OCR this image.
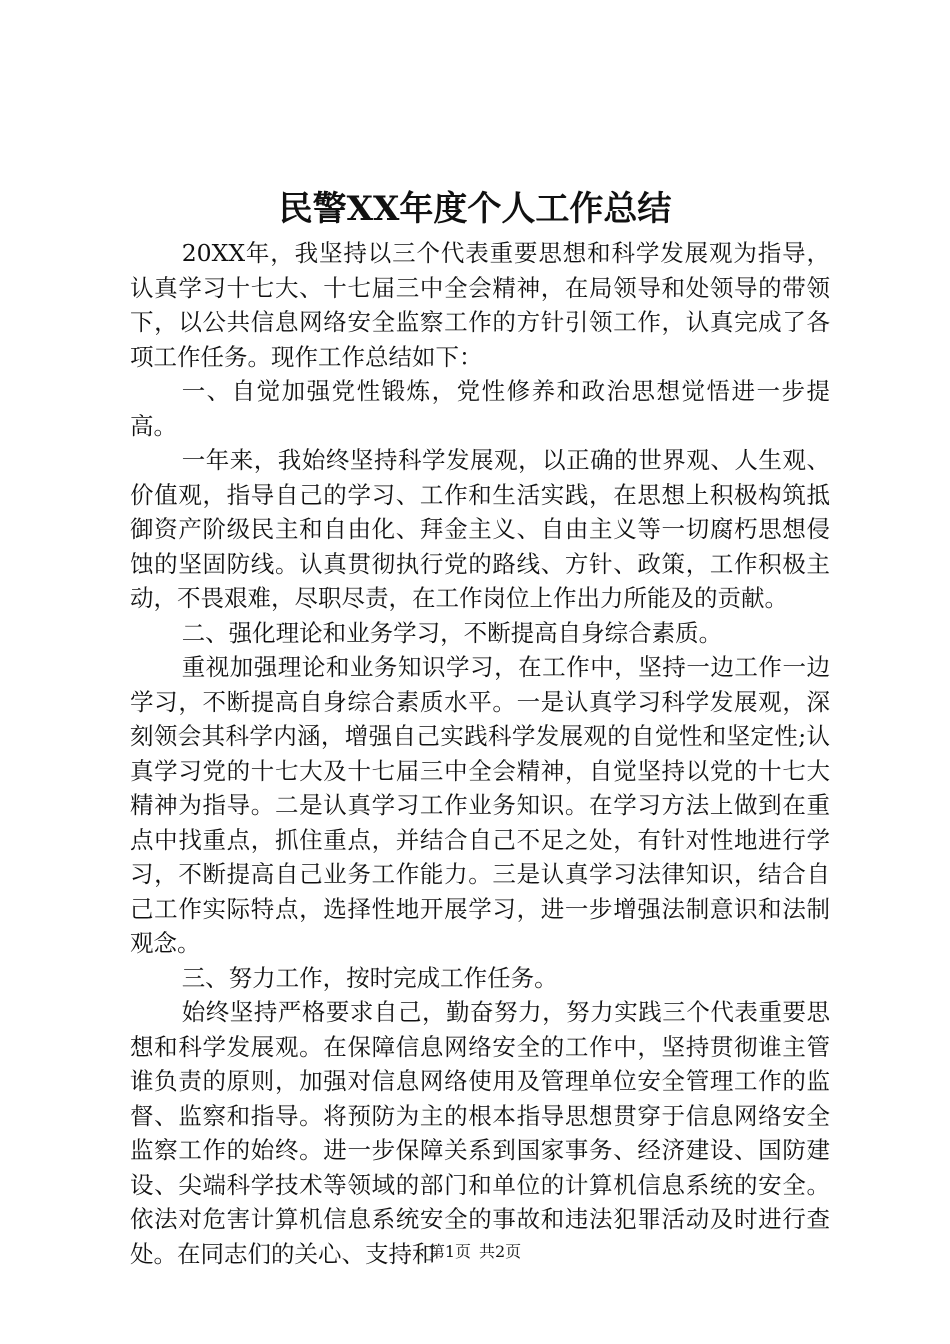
民警XX年度个人工作总结

20XX年，我坚持以三个代表重要思想和科学发展观为指导，认真学习十七大、十七届三中全会精神，在局领导和处领导的带领下，以公共信息网络安全监察工作的方针引领工作，认真完成了各项工作任务。现作工作总结如下：

一、自觉加强党性锻炼，党性修养和政治思想觉悟进一步提高。

一年来，我始终坚持科学发展观，以正确的世界观、人生观、价值观，指导自己的学习、工作和生活实践，在思想上积极构筑抵御资产阶级民主和自由化、拜金主义、自由主义等一切腐朽思想侵蚀的坚固防线。认真贯彻执行党的路线、方针、政策，工作积极主动，不畏艰难，尽职尽责，在工作岗位上作出力所能及的贡献。

二、强化理论和业务学习，不断提高自身综合素质。

重视加强理论和业务知识学习，在工作中，坚持一边工作一边学习，不断提高自身综合素质水平。一是认真学习科学发展观，深刻领会其科学内涵，增强自己实践科学发展观的自觉性和坚定性;认真学习党的十七大及十七届三中全会精神，自觉坚持以党的十七大精神为指导。二是认真学习工作业务知识。在学习方法上做到在重点中找重点，抓住重点，并结合自己不足之处，有针对性地进行学习，不断提高自己业务工作能力。三是认真学习法律知识，结合自己工作实际特点，选择性地开展学习，进一步增强法制意识和法制观念。

三、努力工作，按时完成工作任务。

始终坚持严格要求自己，勤奋努力，努力实践三个代表重要思想和科学发展观。在保障信息网络安全的工作中，坚持贯彻谁主管谁负责的原则，加强对信息网络使用及管理单位安全管理工作的监督、监察和指导。将预防为主的根本指导思想贯穿于信息网络安全监察工作的始终。进一步保障关系到国家事务、经济建设、国防建设、尖端科学技术等领域的部门和单位的计算机信息系统的安全。依法对危害计算机信息系统安全的事故和违法犯罪活动及时进行查处。在同志们的关心、支持和

第1页 共2页
